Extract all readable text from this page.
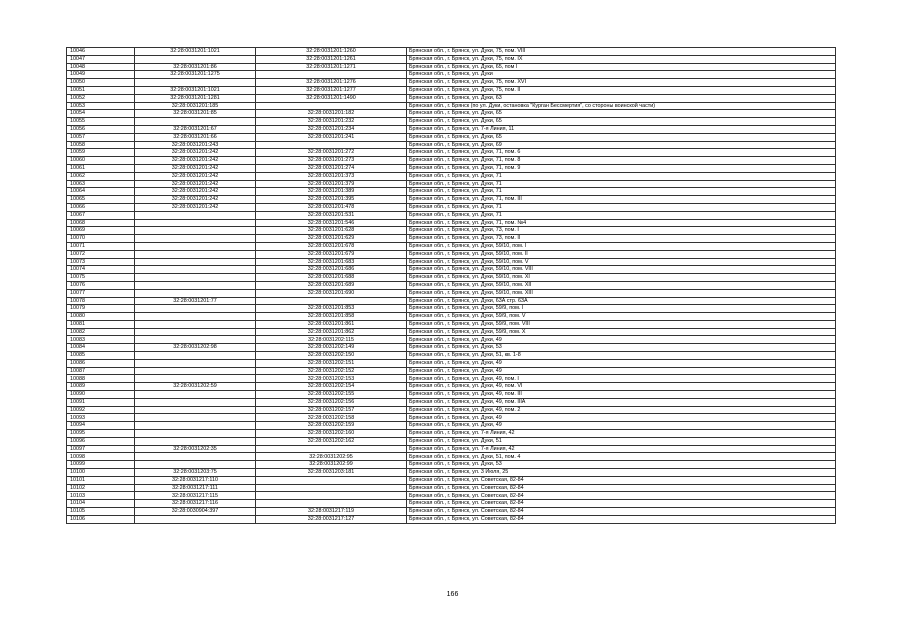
10046	32:28:0031201:1021	32:28:0031201:1260	Брянская обл., г. Брянск, ул. Дуки, 75, пом. VIII
10047		32:28:0031201:1261	Брянская обл., г. Брянск, ул. Дуки, 75, пом. IX
10048	32:28:0031201:86	32:28:0031201:1271	Брянская обл., г. Брянск, ул. Дуки, 65, пом I
10049	32:28:0031201:1275		Брянская обл., г. Брянск, ул. Дуки
10050		32:28:0031201:1276	Брянская обл., г. Брянск, ул. Дуки, 75, пом. XVI
10051	32:28:0031201:1021	32:28:0031201:1277	Брянская обл., г. Брянск, ул. Дуки, 75, пом. II
10052	32:28:0031201:1281	32:28:0031201:1490	Брянская обл., г. Брянск, ул. Дуки, 63
10053	32:28:0031201:185		Брянская обл., г. Брянск (по ул. Дуки, остановка "Курган Бессмертия", со стороны воинской части)
10054	32:28:0031201:85	32:28:0031201:182	Брянская обл., г. Брянск, ул. Дуки, 65
10055		32:28:0031201:232	Брянская обл., г. Брянск, ул. Дуки, 65
10056	32:28:0031201:67	32:28:0031201:234	Брянская обл., г. Брянск, ул. 7-я Линия, 11
10057	32:28:0031201:66	32:28:0031201:241	Брянская обл., г. Брянск, ул. Дуки, 65
10058	32:28:0031201:243		Брянская обл., г. Брянск, ул. Дуки, 69
10059	32:28:0031201:242	32:28:0031201:272	Брянская обл., г. Брянск, ул. Дуки, 71, пом. 6
10060	32:28:0031201:242	32:28:0031201:273	Брянская обл., г. Брянск, ул. Дуки, 71, пом. 8
10061	32:28:0031201:242	32:28:0031201:274	Брянская обл., г. Брянск, ул. Дуки, 71, пом. 9
10062	32:28:0031201:242	32:28:0031201:373	Брянская обл., г. Брянск, ул. Дуки, 71
10063	32:28:0031201:242	32:28:0031201:379	Брянская обл., г. Брянск, ул. Дуки, 71
10064	32:28:0031201:242	32:28:0031201:389	Брянская обл., г. Брянск, ул. Дуки, 71
10065	32:28:0031201:242	32:28:0031201:395	Брянская обл., г. Брянск, ул. Дуки, 71, пом. III
10066	32:28:0031201:242	32:28:0031201:478	Брянская обл., г. Брянск, ул. Дуки, 71
10067		32:28:0031201:531	Брянская обл., г. Брянск, ул. Дуки, 71
10068		32:28:0031201:546	Брянская обл., г. Брянск, ул. Дуки, 71, пом. №4
10069		32:28:0031201:628	Брянская обл., г. Брянск, ул. Дуки, 73, пом. I
10070		32:28:0031201:629	Брянская обл., г. Брянск, ул. Дуки, 73, пом. II
10071		32:28:0031201:678	Брянская обл., г. Брянск, ул. Дуки, 59/10, пом. I
10072		32:28:0031201:679	Брянская обл., г. Брянск, ул. Дуки, 59/10, пом. II
10073		32:28:0031201:683	Брянская обл., г. Брянск, ул. Дуки, 59/10, пом. V
10074		32:28:0031201:686	Брянская обл., г. Брянск, ул. Дуки, 59/10, пом. VIII
10075		32:28:0031201:688	Брянская обл., г. Брянск, ул. Дуки, 59/10, пом. XI
10076		32:28:0031201:689	Брянская обл., г. Брянск, ул. Дуки, 59/10, пом. XII
10077		32:28:0031201:690	Брянская обл., г. Брянск, ул. Дуки, 59/10, пом. XIII
10078	32:28:0031201:77		Брянская обл., г. Брянск, ул. Дуки, 63А стр. 63А
10079		32:28:0031201:853	Брянская обл., г. Брянск, ул. Дуки, 59/9, пом. I
10080		32:28:0031201:858	Брянская обл., г. Брянск, ул. Дуки, 59/9, пом. V
10081		32:28:0031201:861	Брянская обл., г. Брянск, ул. Дуки, 59/9, пом. VIII
10082		32:28:0031201:862	Брянская обл., г. Брянск, ул. Дуки, 59/9, пом. X
10083		32:28:0031202:115	Брянская обл., г. Брянск, ул. Дуки, 49
10084	32:28:0031202:98	32:28:0031202:149	Брянская обл., г. Брянск, ул. Дуки, 53
10085		32:28:0031202:150	Брянская обл., г. Брянск, ул. Дуки, 51, кв. 1-8
10086		32:28:0031202:151	Брянская обл., г. Брянск, ул. Дуки, 49
10087		32:28:0031202:152	Брянская обл., г. Брянск, ул. Дуки, 49
10088		32:28:0031202:153	Брянская обл., г. Брянск, ул. Дуки, 49, пом. I
10089	32:28:0031202:59	32:28:0031202:154	Брянская обл., г. Брянск, ул. Дуки, 49, пом. VI
10090		32:28:0031202:155	Брянская обл., г. Брянск, ул. Дуки, 49, пом. III
10091		32:28:0031202:156	Брянская обл., г. Брянск, ул. Дуки, 49, пом. IIIА
10092		32:28:0031202:157	Брянская обл., г. Брянск, ул. Дуки, 49, пом. 2
10093		32:28:0031202:158	Брянская обл., г. Брянск, ул. Дуки, 49
10094		32:28:0031202:159	Брянская обл., г. Брянск, ул. Дуки, 49
10095		32:28:0031202:160	Брянская обл., г. Брянск, ул. 7-я Линия, 42
10096		32:28:0031202:162	Брянская обл., г. Брянск, ул. Дуки, 51
10097	32:28:0031202:35		Брянская обл., г. Брянск, ул. 7-я Линия, 42
10098		32:28:0031202:95	Брянская обл., г. Брянск, ул. Дуки, 51, пом. 4
10099		32:28:0031202:99	Брянская обл., г. Брянск, ул. Дуки, 53
10100	32:28:0031203:75	32:28:0031203:181	Брянская обл., г. Брянск, ул. 3 Июля, 25
10101	32:28:0031217:110		Брянская обл., г. Брянск, ул. Советская, 82-84
10102	32:28:0031217:111		Брянская обл., г. Брянск, ул. Советская, 82-84
10103	32:28:0031217:115		Брянская обл., г. Брянск, ул. Советская, 82-84
10104	32:28:0031217:116		Брянская обл., г. Брянск, ул. Советская, 82-84
10105	32:28:0030904:397	32:28:0031217:119	Брянская обл., г. Брянск, ул. Советская, 82-84
10106		32:28:0031217:127	Брянская обл., г. Брянск, ул. Советская, 82-84
166
